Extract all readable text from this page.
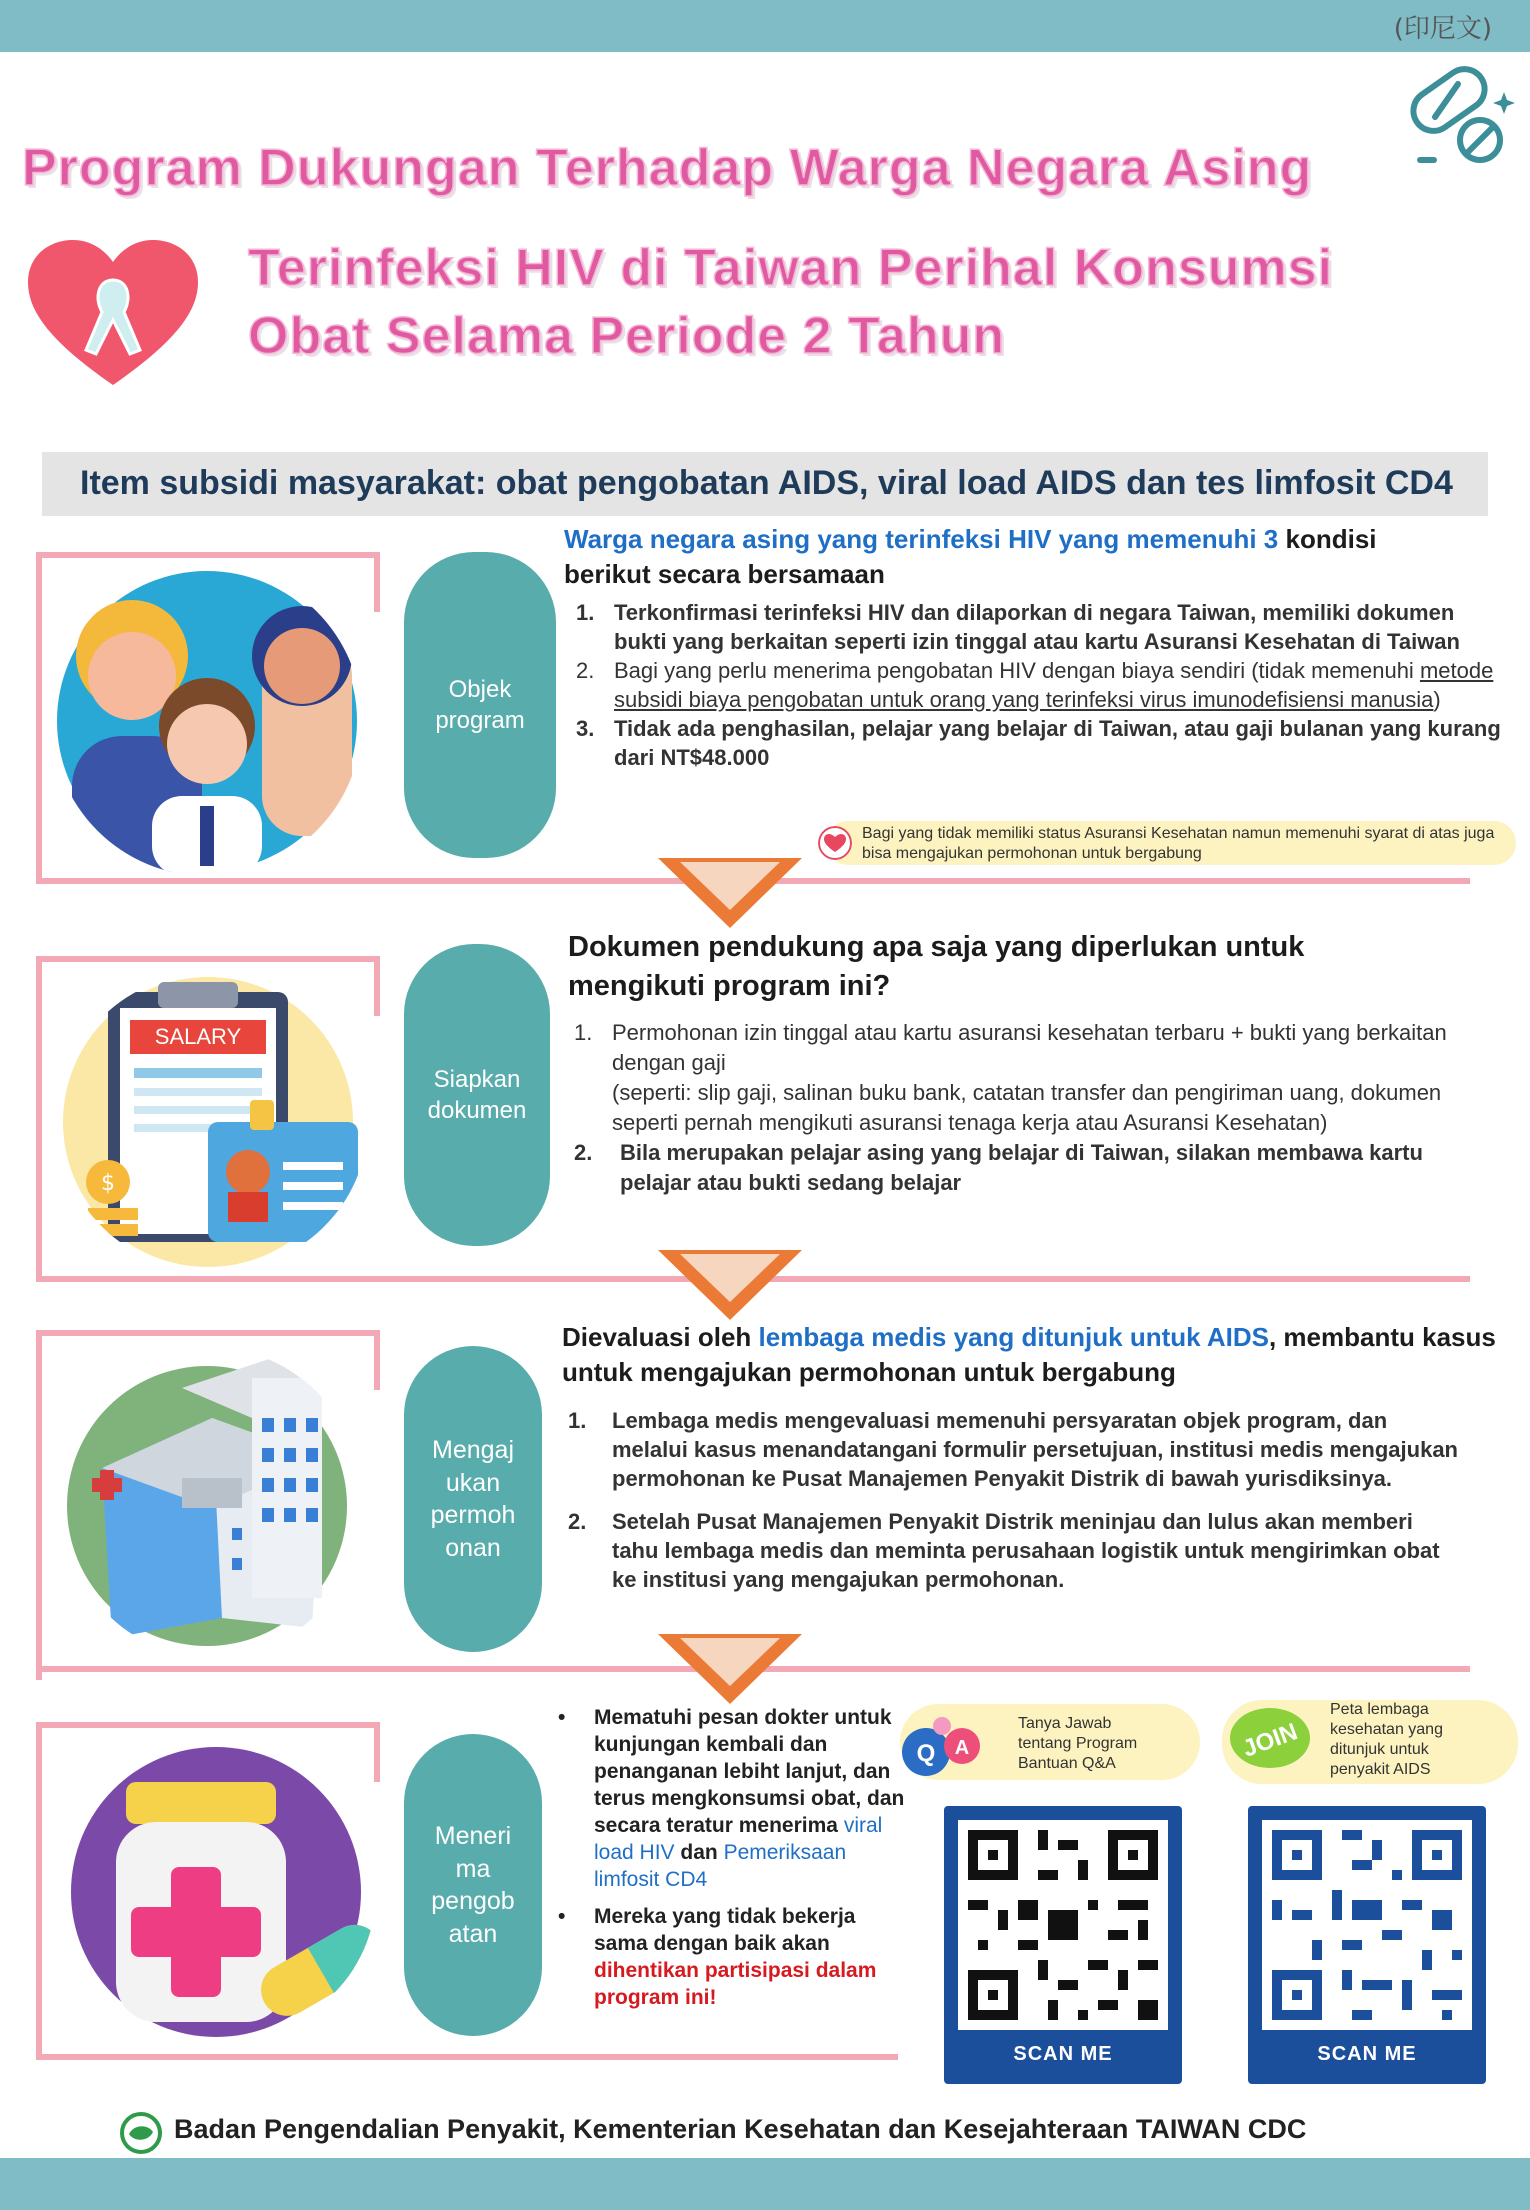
(印尼文)
Program Dukungan Terhadap Warga Negara Asing
Terinfeksi HIV di Taiwan Perihal Konsumsi
Obat Selama Periode 2 Tahun
Item subsidi masyarakat: obat pengobatan AIDS, viral load AIDS dan tes limfosit CD4
Objek program
Warga negara asing yang terinfeksi HIV yang memenuhi 3 kondisi berikut secara bersamaan
1. Terkonfirmasi terinfeksi HIV dan dilaporkan di negara Taiwan, memiliki dokumen bukti yang berkaitan seperti izin tinggal atau kartu Asuransi Kesehatan di Taiwan
2. Bagi yang perlu menerima pengobatan HIV dengan biaya sendiri (tidak memenuhi metode subsidi biaya pengobatan untuk orang yang terinfeksi virus imunodefisiensi manusia)
3. Tidak ada penghasilan, pelajar yang belajar di Taiwan, atau gaji bulanan yang kurang dari NT$48.000
Bagi yang tidak memiliki status Asuransi Kesehatan namun memenuhi syarat di atas juga bisa mengajukan permohonan untuk bergabung
SALARY
$
Siapkan dokumen
Dokumen pendukung apa saja yang diperlukan untuk mengikuti program ini?
1. Permohonan izin tinggal atau kartu asuransi kesehatan terbaru + bukti yang berkaitan dengan gaji
(seperti: slip gaji, salinan buku bank, catatan transfer dan pengiriman uang, dokumen seperti pernah mengikuti asuransi tenaga kerja atau Asuransi Kesehatan)
2. Bila merupakan pelajar asing yang belajar di Taiwan, silakan membawa kartu pelajar atau bukti sedang belajar
Mengaj ukan permoh onan
Dievaluasi oleh lembaga medis yang ditunjuk untuk AIDS, membantu kasus untuk mengajukan permohonan untuk bergabung
1. Lembaga medis mengevaluasi memenuhi persyaratan objek program, dan melalui kasus menandatangani formulir persetujuan, institusi medis mengajukan permohonan ke Pusat Manajemen Penyakit Distrik di bawah yurisdiksinya.
2. Setelah Pusat Manajemen Penyakit Distrik meninjau dan lulus akan memberi tahu lembaga medis dan meminta perusahaan logistik untuk mengirimkan obat ke institusi yang mengajukan permohonan.
Meneri ma pengob atan
• Mematuhi pesan dokter untuk kunjungan kembali dan penanganan lebiht lanjut, dan terus mengkonsumsi obat, dan secara teratur menerima viral load HIV dan Pemeriksaan limfosit CD4
• Mereka yang tidak bekerja sama dengan baik akan dihentikan partisipasi dalam program ini!
Q A
Tanya Jawab tentang Program Bantuan Q&A
JOIN
Peta lembaga kesehatan yang ditunjuk untuk penyakit AIDS
SCAN ME	SCAN ME
Badan Pengendalian Penyakit, Kementerian Kesehatan dan Kesejahteraan TAIWAN CDC
